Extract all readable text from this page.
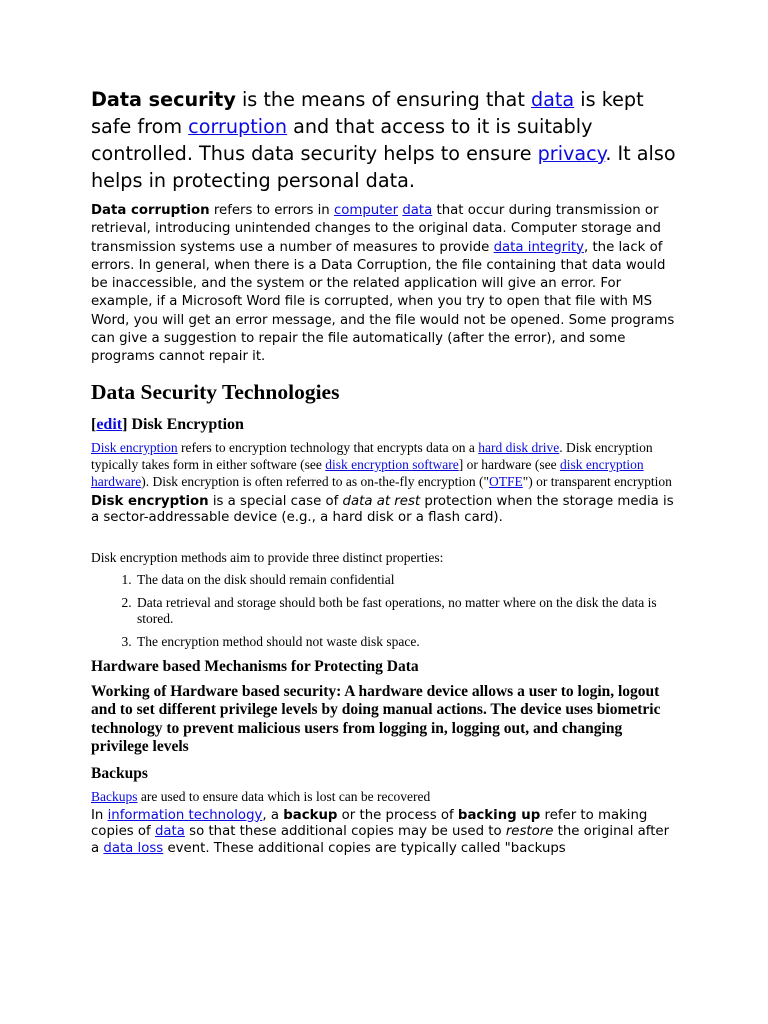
Data security is the means of ensuring that data is kept safe from corruption and that access to it is suitably controlled. Thus data security helps to ensure privacy. It also helps in protecting personal data.

Data corruption refers to errors in computer data that occur during transmission or retrieval, introducing unintended changes to the original data. Computer storage and transmission systems use a number of measures to provide data integrity, the lack of errors. In general, when there is a Data Corruption, the file containing that data would be inaccessible, and the system or the related application will give an error. For example, if a Microsoft Word file is corrupted, when you try to open that file with MS Word, you will get an error message, and the file would not be opened. Some programs can give a suggestion to repair the file automatically (after the error), and some programs cannot repair it.

Data Security Technologies
[edit] Disk Encryption

Disk encryption refers to encryption technology that encrypts data on a hard disk drive. Disk encryption typically takes form in either software (see disk encryption software] or hardware (see disk encryption hardware). Disk encryption is often referred to as on-the-fly encryption ("OTFE") or transparent encryption

Disk encryption is a special case of data at rest protection when the storage media is a sector-addressable device (e.g., a hard disk or a flash card).

Disk encryption methods aim to provide three distinct properties:

1. The data on the disk should remain confidential
2. Data retrieval and storage should both be fast operations, no matter where on the disk the data is stored.
3. The encryption method should not waste disk space.
Hardware based Mechanisms for Protecting Data

Working of Hardware based security: A hardware device allows a user to login, logout and to set different privilege levels by doing manual actions. The device uses biometric technology to prevent malicious users from logging in, logging out, and changing privilege levels

Backups

Backups are used to ensure data which is lost can be recovered

In information technology, a backup or the process of backing up refer to making copies of data so that these additional copies may be used to restore the original after a data loss event. These additional copies are typically called "backups
